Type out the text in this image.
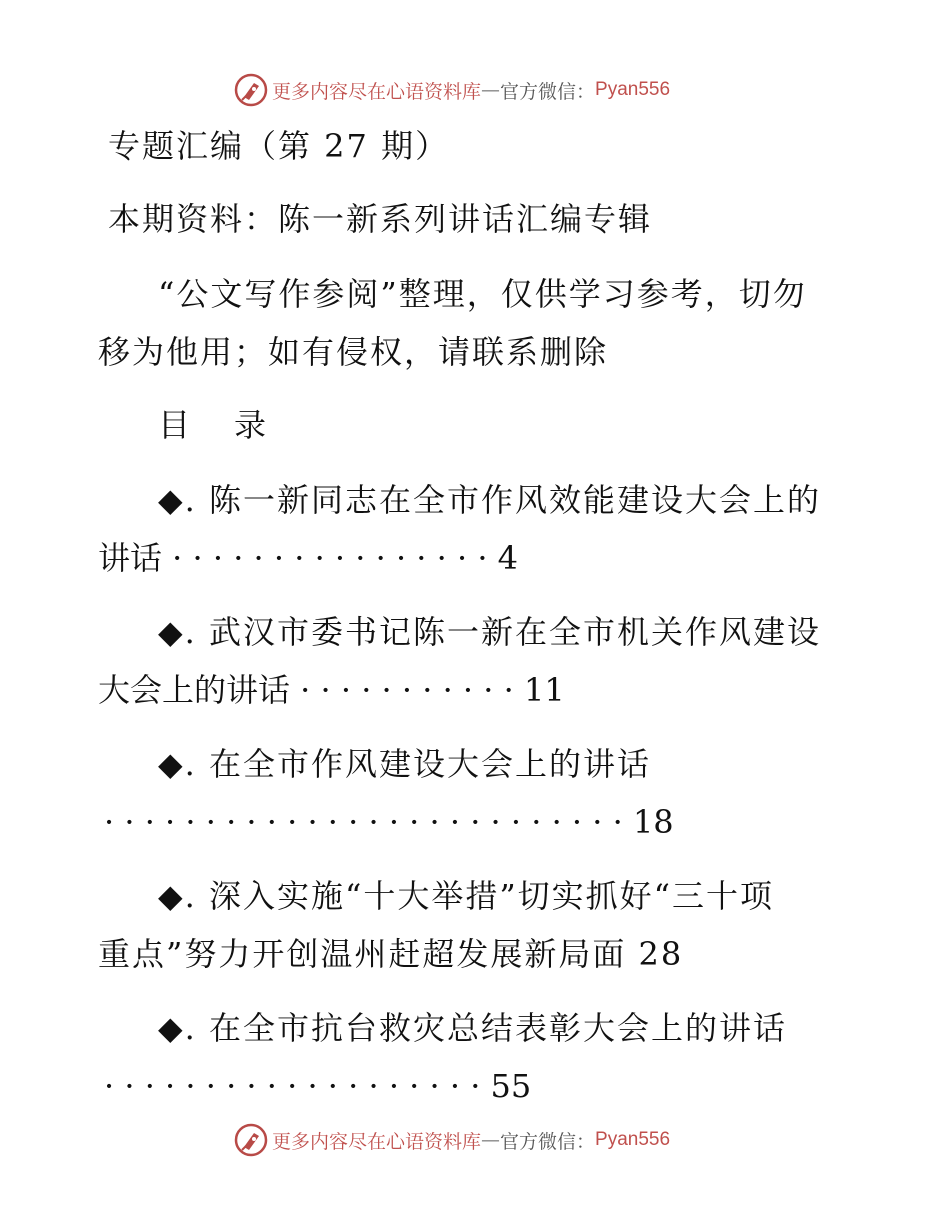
更多内容尽在心语资料库 — 官方微信： Pyan556
专题汇编（第 27 期）
本期资料：陈一新系列讲话汇编专辑
“公文写作参阅”整理，仅供学习参考，切勿
移为他用；如有侵权，请联系删除
目　录
◆. 陈一新同志在全市作风效能建设大会上的
讲话 · · · · · · · · · · · · · · · · 4
◆. 武汉市委书记陈一新在全市机关作风建设
大会上的讲话 · · · · · · · · · · · 11
◆. 在全市作风建设大会上的讲话
· · · · · · · · · · · · · · · · · · · · · · · · · · 18
◆. 深入实施“十大举措”切实抓好“三十项
重点”努力开创温州赶超发展新局面 28
◆. 在全市抗台救灾总结表彰大会上的讲话
· · · · · · · · · · · · · · · · · · · 55
更多内容尽在心语资料库 — 官方微信： Pyan556
